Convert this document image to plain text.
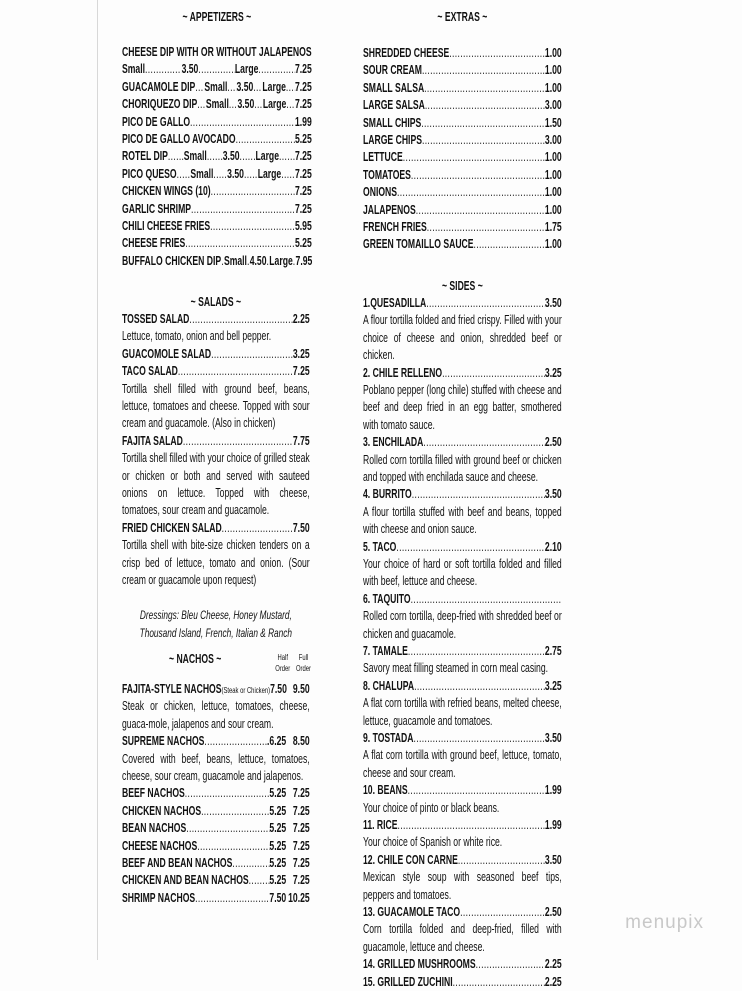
~ APPETIZERS ~
CHEESE DIP WITH OR WITHOUT JALAPENOS
Small .....	3.50 .....	Large .....	7.25
GUACAMOLE DIP ..... Small ..... 3.50 ..... Large ..... 7.25
CHORIQUEZO DIP ..... Small ..... 3.50 ..... Large ..... 7.25
PICO DE GALLO .....	1.99
PICO DE GALLO AVOCADO .....	5.25
ROTEL DIP ..... Small ..... 3.50 ..... Large ..... 7.25
PICO QUESO ..... Small ..... 3.50 ..... Large ..... 7.25
CHICKEN WINGS (10) .....	7.25
GARLIC SHRIMP .....	7.25
CHILI CHEESE FRIES .....	5.95
CHEESE FRIES .....	5.25
BUFFALO CHICKEN DIP ..... Small ..... 4.50 ..... Large ..... 7.95
~ SALADS ~
TOSSED SALAD .....	2.25
Lettuce, tomato, onion and bell pepper.
GUACOMOLE SALAD .....	3.25
TACO SALAD .....	7.25
Tortilla shell filled with ground beef, beans, lettuce, tomatoes and cheese. Topped with sour cream and guacamole. (Also in chicken)
FAJITA SALAD .....	7.75
Tortilla shell filled with your choice of grilled steak or chicken or both and served with sauteed onions on lettuce. Topped with cheese, tomatoes, sour cream and guacamole.
FRIED CHICKEN SALAD .....	7.50
Tortilla shell with bite-size chicken tenders on a crisp bed of lettuce, tomato and onion. (Sour cream or guacamole upon request)
Dressings: Bleu Cheese, Honey Mustard,
Thousand Island, French, Italian & Ranch
~ NACHOS ~	Half Order
Full Order
FAJITA-STYLE NACHOS (Steak or Chicken) 7.50 9.50
Steak or chicken, lettuce, tomatoes, cheese, guaca-mole, jalapenos and sour cream.
SUPREME NACHOS .....	.6.25 8.50
Covered with beef, beans, lettuce, tomatoes, cheese, sour cream, guacamole and jalapenos.
BEEF NACHOS .....	5.25 7.25
CHICKEN NACHOS .....	5.25 7.25
BEAN NACHOS .....	5.25 7.25
CHEESE NACHOS .....	5.25 7.25
BEEF AND BEAN NACHOS .....	5.25 7.25
CHICKEN AND BEAN NACHOS ..... 5.25 7.25
SHRIMP NACHOS .....	7.50 10.25
~ EXTRAS ~
SHREDDED CHEESE .....	1.00
SOUR CREAM .....	1.00
SMALL SALSA .....	1.00
LARGE SALSA .....	3.00
SMALL CHIPS .....	1.50
LARGE CHIPS .....	3.00
LETTUCE .....	1.00
TOMATOES .....	1.00
ONIONS .....	1.00
JALAPENOS .....	1.00
FRENCH FRIES .....	1.75
GREEN TOMAILLO SAUCE .....	1.00
~ SIDES ~
1.QUESADILLA .....	3.50
A flour tortilla folded and fried crispy. Filled with your choice of cheese and onion, shredded beef or chicken.
2. CHILE RELLENO .....	3.25
Poblano pepper (long chile) stuffed with cheese and beef and deep fried in an egg batter, smothered with tomato sauce.
3. ENCHILADA .....	2.50
Rolled corn tortilla filled with ground beef or chicken and topped with enchilada sauce and cheese.
4. BURRITO .....	3.50
A flour tortilla stuffed with beef and beans, topped with cheese and onion sauce.
5. TACO .....	2.10
Your choice of hard or soft tortilla folded and filled with beef, lettuce and cheese.
6. TAQUITO
.....
Rolled corn tortilla, deep-fried with shredded beef or chicken and guacamole.
7. TAMALE .....	2.75
Savory meat filling steamed in corn meal casing.
8. CHALUPA .....	3.25
A flat corn tortilla with refried beans, melted cheese, lettuce, guacamole and tomatoes.
9. TOSTADA .....	3.50
A flat corn tortilla with ground beef, lettuce, tomato, cheese and sour cream.
10. BEANS .....	1.99
Your choice of pinto or black beans.
11. RICE .....	1.99
Your choice of Spanish or white rice.
12. CHILE CON CARNE .....	3.50
Mexican style soup with seasoned beef tips, peppers and tomatoes.
13. GUACAMOLE TACO .....	2.50
Corn tortilla folded and deep-fried, filled with guacamole, lettuce and cheese.
14. GRILLED MUSHROOMS .....	2.25
15. GRILLED ZUCHINI .....	2.25
menupix
